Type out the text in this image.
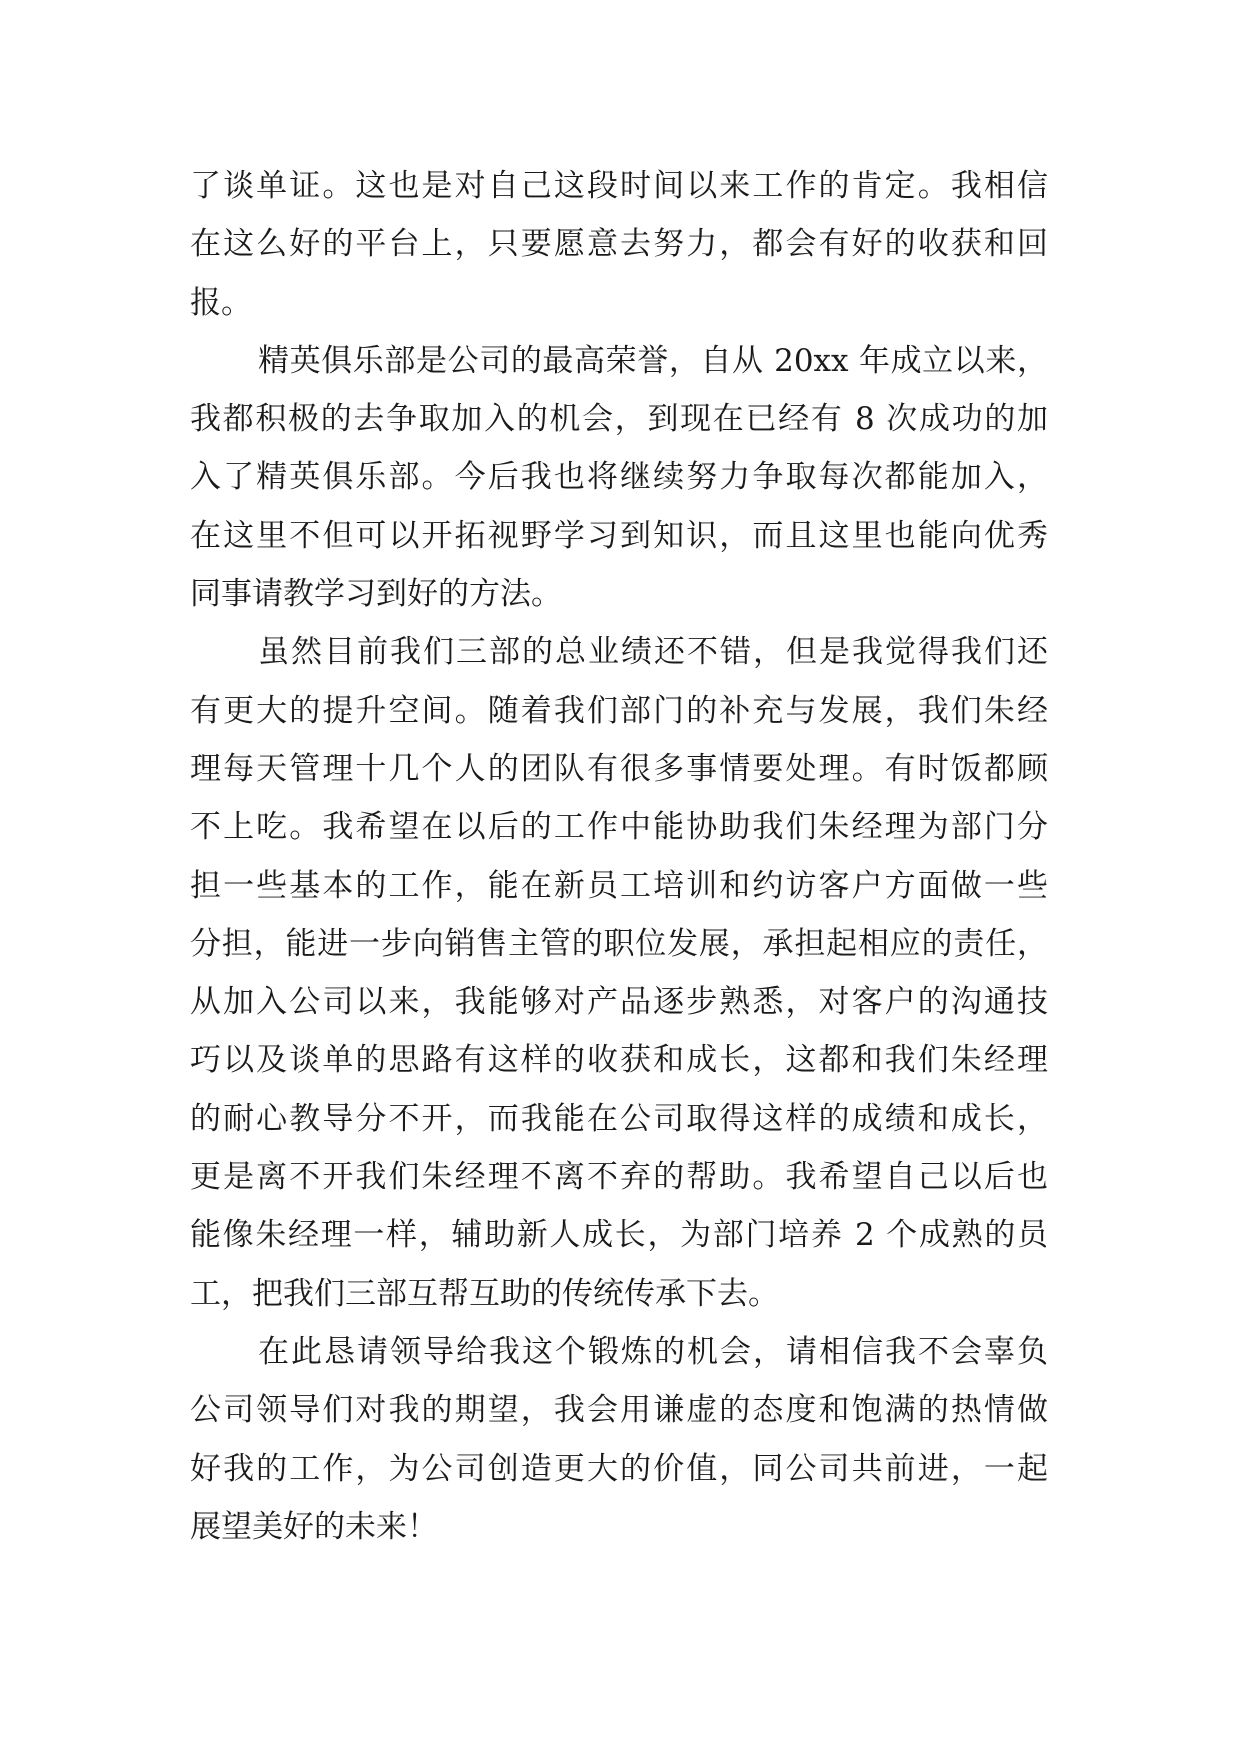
了谈单证。这也是对自己这段时间以来工作的肯定。我相信
在这么好的平台上，只要愿意去努力，都会有好的收获和回
报。
精英俱乐部是公司的最高荣誉，自从 20xx 年成立以来，
我都积极的去争取加入的机会，到现在已经有 8 次成功的加
入了精英俱乐部。今后我也将继续努力争取每次都能加入，
在这里不但可以开拓视野学习到知识，而且这里也能向优秀
同事请教学习到好的方法。
虽然目前我们三部的总业绩还不错，但是我觉得我们还
有更大的提升空间。随着我们部门的补充与发展，我们朱经
理每天管理十几个人的团队有很多事情要处理。有时饭都顾
不上吃。我希望在以后的工作中能协助我们朱经理为部门分
担一些基本的工作，能在新员工培训和约访客户方面做一些
分担，能进一步向销售主管的职位发展，承担起相应的责任，
从加入公司以来，我能够对产品逐步熟悉，对客户的沟通技
巧以及谈单的思路有这样的收获和成长，这都和我们朱经理
的耐心教导分不开，而我能在公司取得这样的成绩和成长，
更是离不开我们朱经理不离不弃的帮助。我希望自己以后也
能像朱经理一样，辅助新人成长，为部门培养 2 个成熟的员
工，把我们三部互帮互助的传统传承下去。
在此恳请领导给我这个锻炼的机会，请相信我不会辜负
公司领导们对我的期望，我会用谦虚的态度和饱满的热情做
好我的工作，为公司创造更大的价值，同公司共前进，一起
展望美好的未来！
